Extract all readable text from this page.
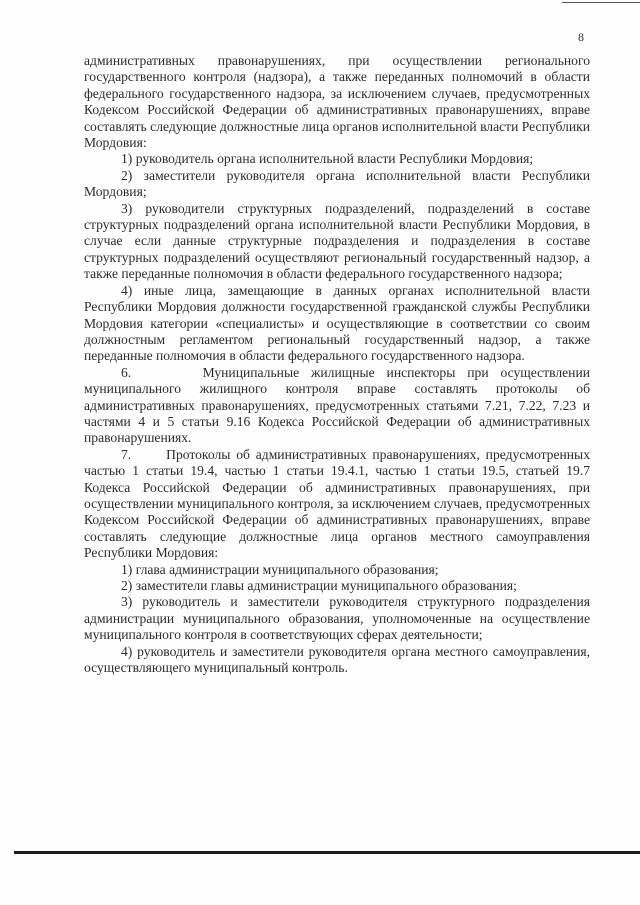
8

административных правонарушениях, при осуществлении регионального государственного контроля (надзора), а также переданных полномочий в области федерального государственного надзора, за исключением случаев, предусмотренных Кодексом Российской Федерации об административных правонарушениях, вправе составлять следующие должностные лица органов исполнительной власти Республики Мордовия:

1) руководитель органа исполнительной власти Республики Мордовия;

2) заместители руководителя органа исполнительной власти Республики Мордовия;

3) руководители структурных подразделений, подразделений в составе структурных подразделений органа исполнительной власти Республики Мордовия, в случае если данные структурные подразделения и подразделения в составе структурных подразделений осуществляют региональный государственный надзор, а также переданные полномочия в области федерального государственного надзора;

4) иные лица, замещающие в данных органах исполнительной власти Республики Мордовия должности государственной гражданской службы Республики Мордовия категории «специалисты» и осуществляющие в соответствии со своим должностным регламентом региональный государственный надзор, а также переданные полномочия в области федерального государственного надзора.

6.      Муниципальные жилищные инспекторы при осуществлении муниципального жилищного контроля вправе составлять протоколы об административных правонарушениях, предусмотренных статьями 7.21, 7.22, 7.23 и частями 4 и 5 статьи 9.16 Кодекса Российской Федерации об административных правонарушениях.

7.      Протоколы об административных правонарушениях, предусмотренных частью 1 статьи 19.4, частью 1 статьи 19.4.1, частью 1 статьи 19.5, статьей 19.7 Кодекса Российской Федерации об административных правонарушениях, при осуществлении муниципального контроля, за исключением случаев, предусмотренных Кодексом Российской Федерации об административных правонарушениях, вправе составлять следующие должностные лица органов местного самоуправления Республики Мордовия:

1) глава администрации муниципального образования;

2) заместители главы администрации муниципального образования;

3) руководитель и заместители руководителя структурного подразделения администрации муниципального образования, уполномоченные на осуществление муниципального контроля в соответствующих сферах деятельности;

4) руководитель и заместители руководителя органа местного самоуправления, осуществляющего муниципальный контроль.
